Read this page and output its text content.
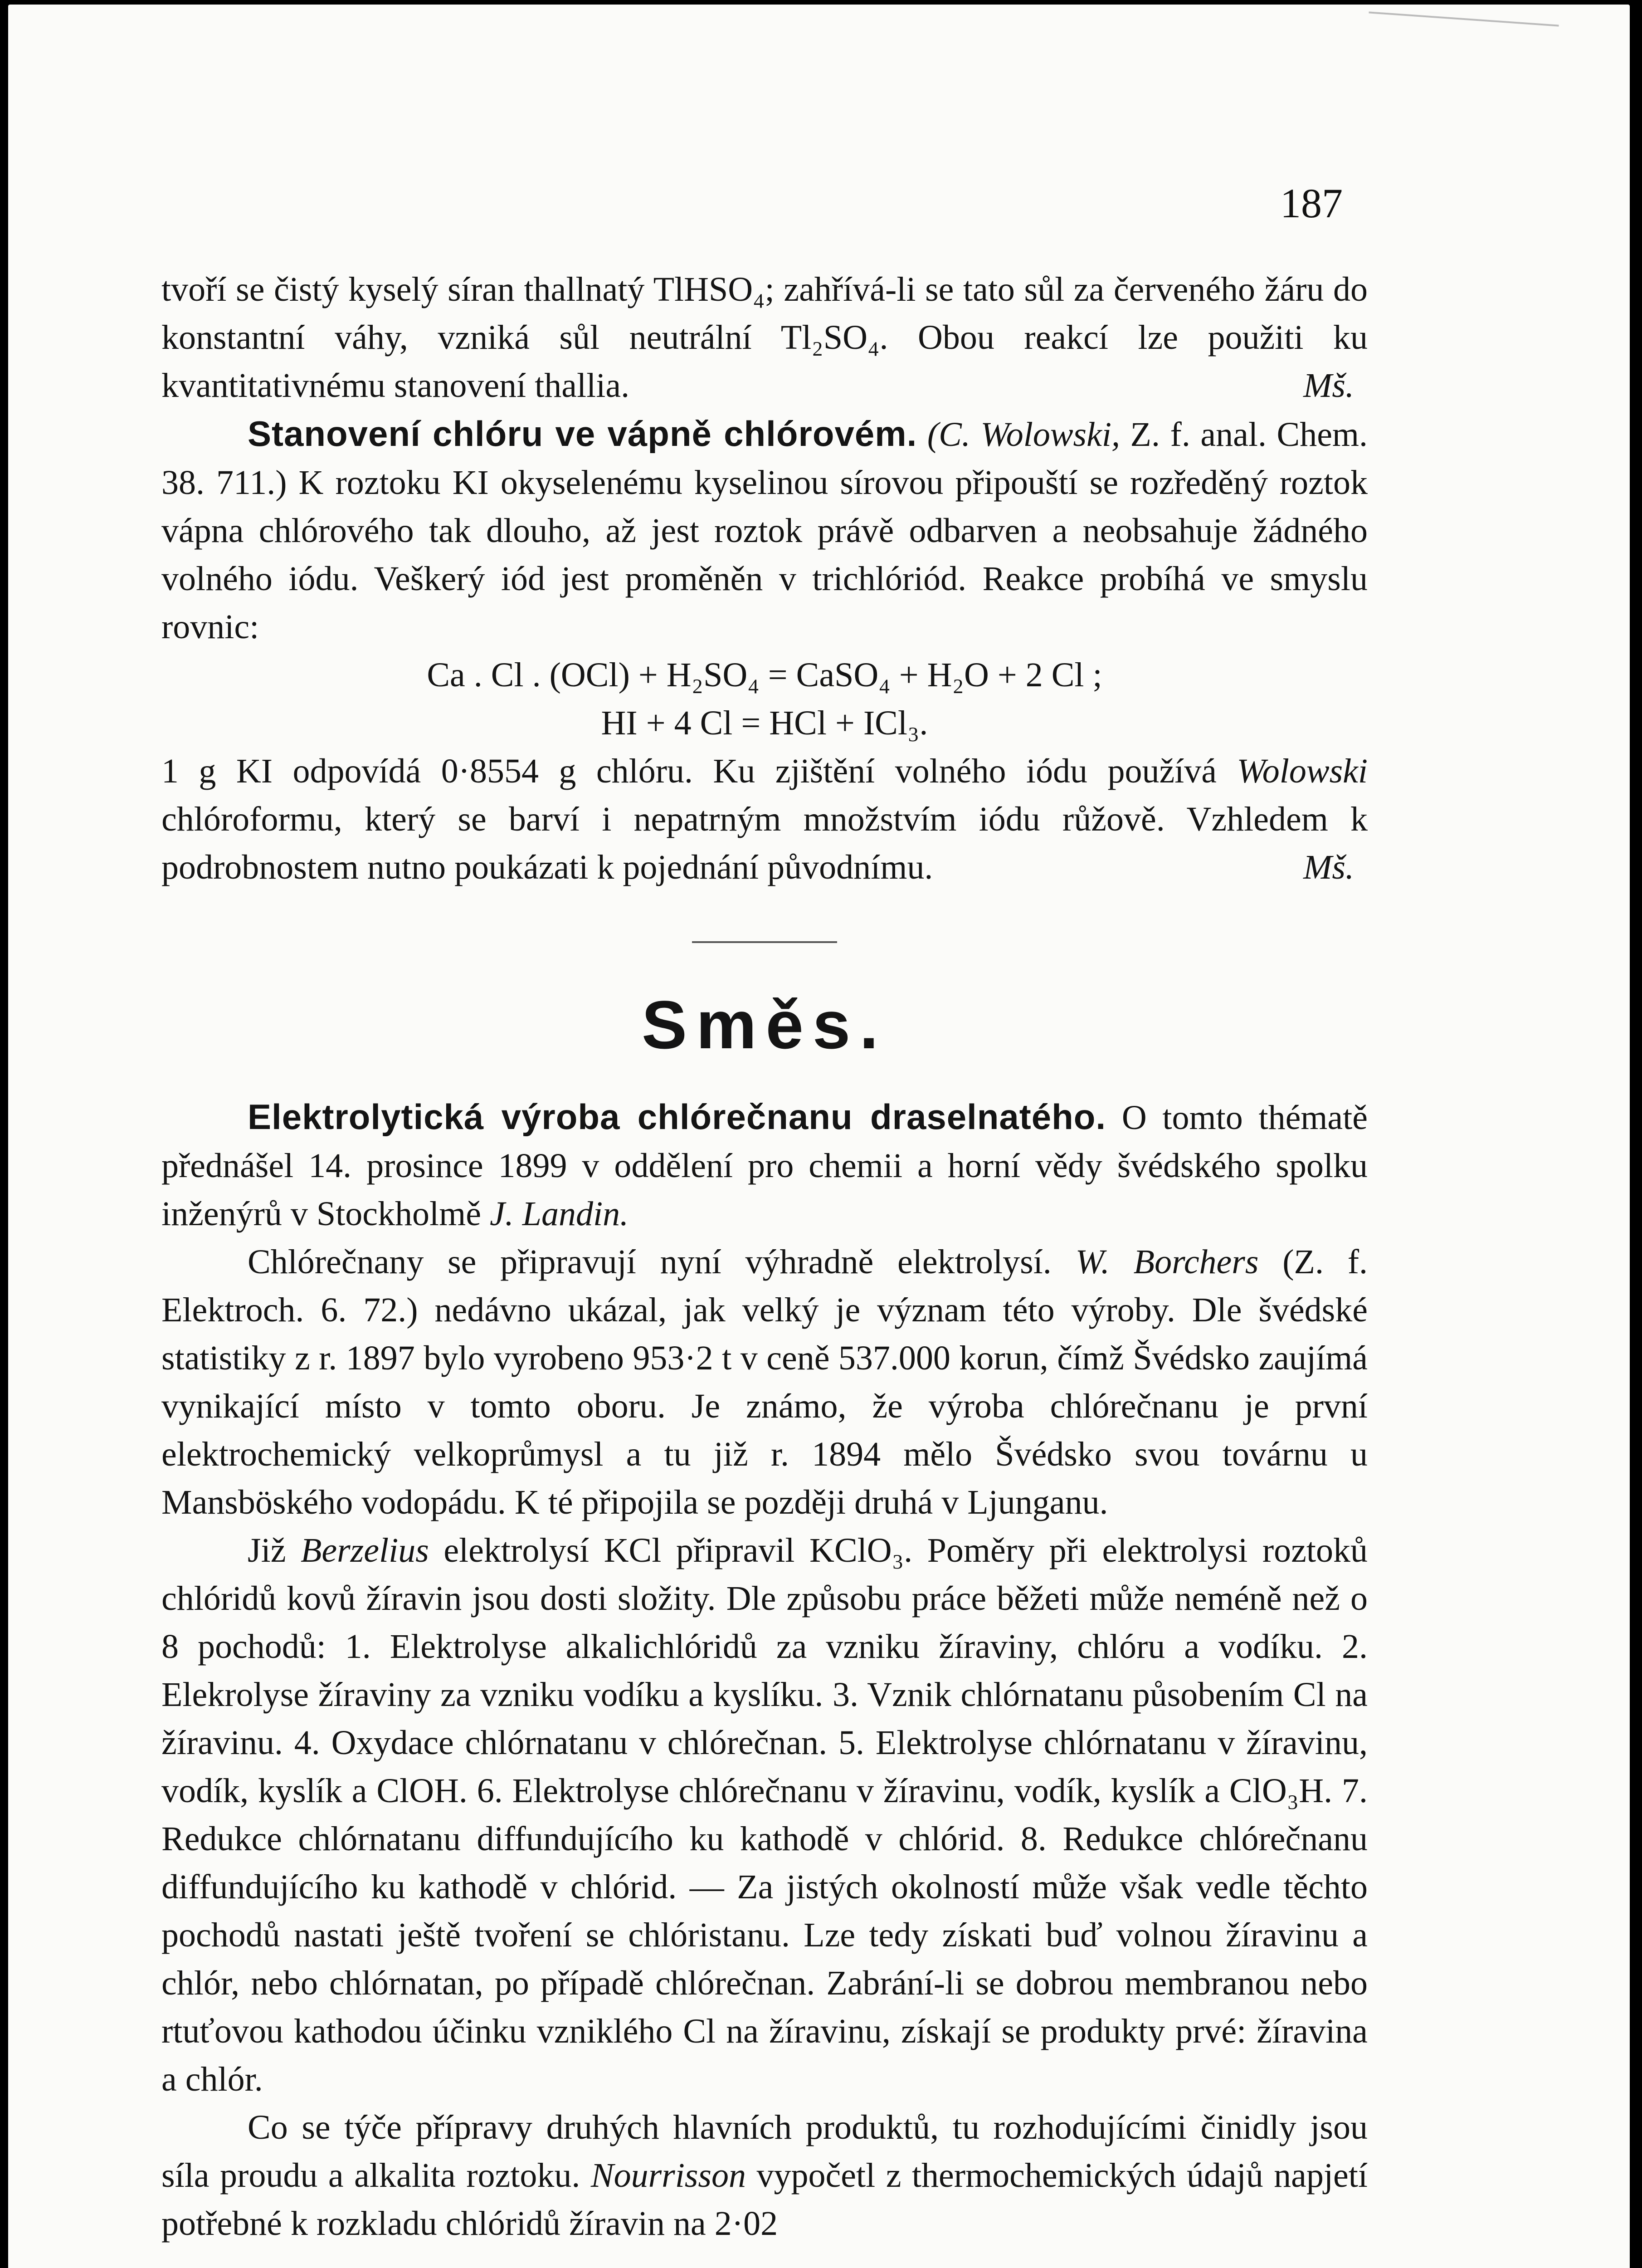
187

tvoří se čistý kyselý síran thallnatý TlHSO₄; zahřívá-li se tato sůl za červeného žáru do konstantní váhy, vzniká sůl neutrální Tl₂SO₄. Obou reakcí lze použiti ku kvantitativnému stanovení thallia.	Mš.

Stanovení chlóru ve vápně chlórovém. (C. Wolowski, Z. f. anal. Chem. 38. 711.) K roztoku KI okyselenému kyselinou sírovou připouští se rozředěný roztok vápna chlórového tak dlouho, až jest roztok právě odbarven a neobsahuje žádného volného iódu. Veškerý iód jest proměněn v trichlóriód. Reakce probíhá ve smyslu rovnic:

Ca . Cl . (OCl) + H₂SO₄ = CaSO₄ + H₂O + 2 Cl ;

HI + 4 Cl = HCl + ICl₃.

1 g KI odpovídá 0·8554 g chlóru. Ku zjištění volného iódu používá Wolowski chlóroformu, který se barví i nepatrným množstvím iódu růžově. Vzhledem k podrobnostem nutno poukázati k pojednání původnímu.	Mš.

Směs.

Elektrolytická výroba chlórečnanu draselnatého. O tomto thématě přednášel 14. prosince 1899 v oddělení pro chemii a horní vědy švédského spolku inženýrů v Stockholmě J. Landin.

Chlórečnany se připravují nyní výhradně elektrolysí. W. Borchers (Z. f. Elektroch. 6. 72.) nedávno ukázal, jak velký je význam této výroby. Dle švédské statistiky z r. 1897 bylo vyrobeno 953·2 t v ceně 537.000 korun, čímž Švédsko zaujímá vynikající místo v tomto oboru. Je známo, že výroba chlórečnanu je první elektrochemický velkoprůmysl a tu již r. 1894 mělo Švédsko svou továrnu u Mansböského vodopádu. K té připojila se později druhá v Ljunganu.

Již Berzelius elektrolysí KCl připravil KClO₃. Poměry při elektrolysi roztoků chlóridů kovů žíravin jsou dosti složity. Dle způsobu práce běžeti může neméně než o 8 pochodů: 1. Elektrolyse alkalichlóridů za vzniku žíraviny, chlóru a vodíku. 2. Elekrolyse žíraviny za vzniku vodíku a kyslíku. 3. Vznik chlórnatanu působením Cl na žíravinu. 4. Oxydace chlórnatanu v chlórečnan. 5. Elektrolyse chlórnatanu v žíravinu, vodík, kyslík a ClOH. 6. Elektrolyse chlórečnanu v žíravinu, vodík, kyslík a ClO₃H. 7. Redukce chlórnatanu diffundujícího ku kathodě v chlórid. 8. Redukce chlórečnanu diffundujícího ku kathodě v chlórid. — Za jistých okolností může však vedle těchto pochodů nastati ještě tvoření se chlóristanu. Lze tedy získati buď volnou žíravinu a chlór, nebo chlórnatan, po případě chlórečnan. Zabrání-li se dobrou membranou nebo rtuťovou kathodou účinku vzniklého Cl na žíravinu, získají se produkty prvé: žíravina a chlór.

Co se týče přípravy druhých hlavních produktů, tu rozhodujícími činidly jsou síla proudu a alkalita roztoku. Nourrisson vypočetl z thermochemických údajů napjetí potřebné k rozkladu chlóridů žíravin na 2·02
